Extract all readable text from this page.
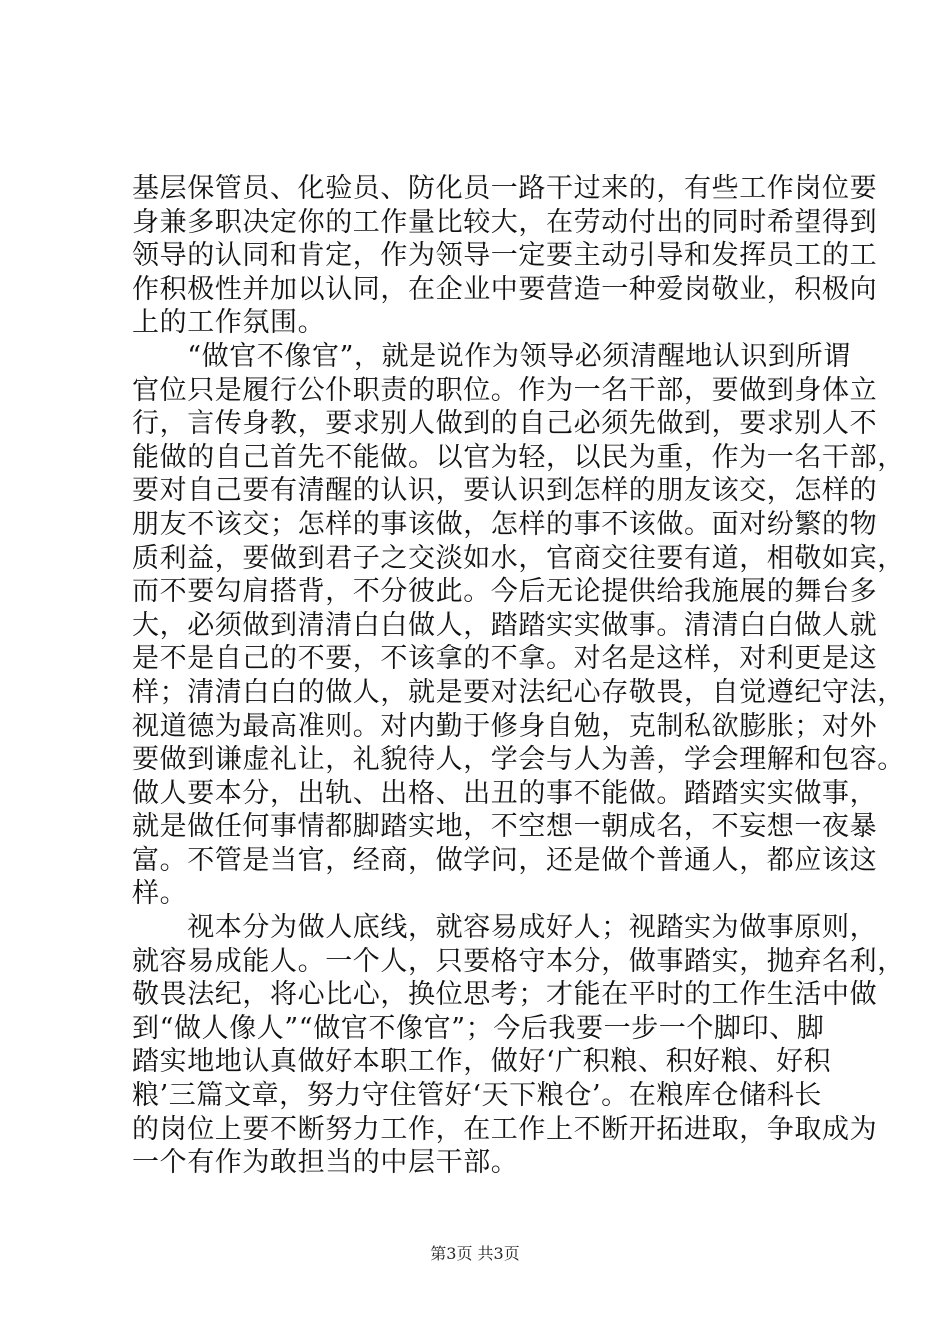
基层保管员、化验员、防化员一路干过来的，有些工作岗位要
身兼多职决定你的工作量比较大，在劳动付出的同时希望得到
领导的认同和肯定，作为领导一定要主动引导和发挥员工的工
作积极性并加以认同，在企业中要营造一种爱岗敬业，积极向
上的工作氛围。
　　“做官不像官”，就是说作为领导必须清醒地认识到所谓
官位只是履行公仆职责的职位。作为一名干部，要做到身体立
行，言传身教，要求别人做到的自己必须先做到，要求别人不
能做的自己首先不能做。以官为轻，以民为重，作为一名干部，
要对自己要有清醒的认识，要认识到怎样的朋友该交，怎样的
朋友不该交；怎样的事该做，怎样的事不该做。面对纷繁的物
质利益，要做到君子之交淡如水，官商交往要有道，相敬如宾，
而不要勾肩搭背，不分彼此。今后无论提供给我施展的舞台多
大，必须做到清清白白做人，踏踏实实做事。清清白白做人就
是不是自己的不要，不该拿的不拿。对名是这样，对利更是这
样；清清白白的做人，就是要对法纪心存敬畏，自觉遵纪守法，
视道德为最高准则。对内勤于修身自勉，克制私欲膨胀；对外
要做到谦虚礼让，礼貌待人，学会与人为善，学会理解和包容。
做人要本分，出轨、出格、出丑的事不能做。踏踏实实做事，
就是做任何事情都脚踏实地，不空想一朝成名，不妄想一夜暴
富。不管是当官，经商，做学问，还是做个普通人，都应该这
样。
　　视本分为做人底线，就容易成好人；视踏实为做事原则，
就容易成能人。一个人，只要格守本分，做事踏实，抛弃名利，
敬畏法纪，将心比心，换位思考；才能在平时的工作生活中做
到“做人像人”“做官不像官”；今后我要一步一个脚印、脚
踏实地地认真做好本职工作，做好‘广积粮、积好粮、好积
粮’三篇文章，努力守住管好‘天下粮仓’。在粮库仓储科长
的岗位上要不断努力工作，在工作上不断开拓进取，争取成为
一个有作为敢担当的中层干部。
第3页 共3页
